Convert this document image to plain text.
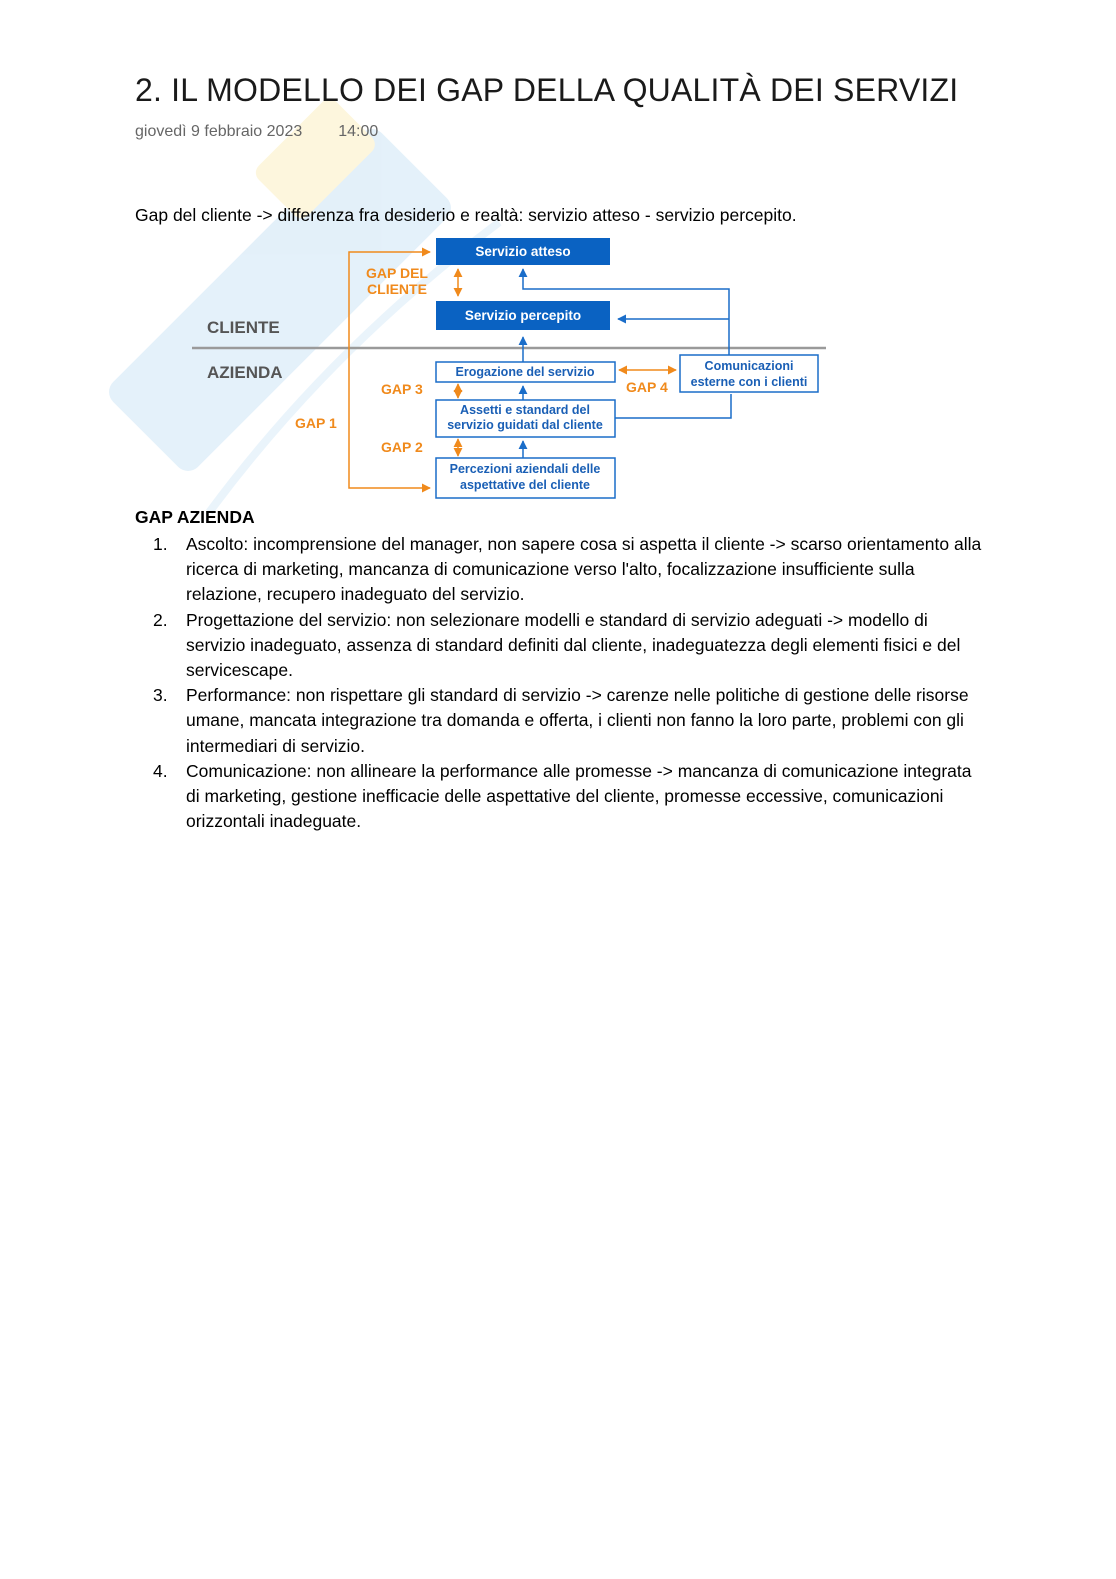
2. IL MODELLO DEI GAP DELLA QUALITÀ DEI SERVIZI
giovedì 9 febbraio 2023 14:00
Gap del cliente -> differenza fra desiderio e realtà: servizio atteso - servizio percepito.
CLIENTE
AZIENDA
Servizio atteso
Servizio percepito
Erogazione del servizio
Assetti e standard del
servizio guidati dal cliente
Percezioni aziendali delle
aspettative del cliente
Comunicazioni
esterne con i clienti
GAP DEL
CLIENTE
GAP 1
GAP 2
GAP 3	GAP 4
GAP AZIENDA
1. Ascolto: incomprensione del manager, non sapere cosa si aspetta il cliente -> scarso orientamento alla ricerca di marketing, mancanza di comunicazione verso l'alto, focalizzazione insufficiente sulla relazione, recupero inadeguato del servizio.
2. Progettazione del servizio: non selezionare modelli e standard di servizio adeguati -> modello di servizio inadeguato, assenza di standard definiti dal cliente, inadeguatezza degli elementi fisici e del servicescape.
3. Performance: non rispettare gli standard di servizio -> carenze nelle politiche di gestione delle risorse umane, mancata integrazione tra domanda e offerta, i clienti non fanno la loro parte, problemi con gli intermediari di servizio.
4. Comunicazione: non allineare la performance alle promesse -> mancanza di comunicazione integrata di marketing, gestione inefficacie delle aspettative del cliente, promesse eccessive, comunicazioni orizzontali inadeguate.
